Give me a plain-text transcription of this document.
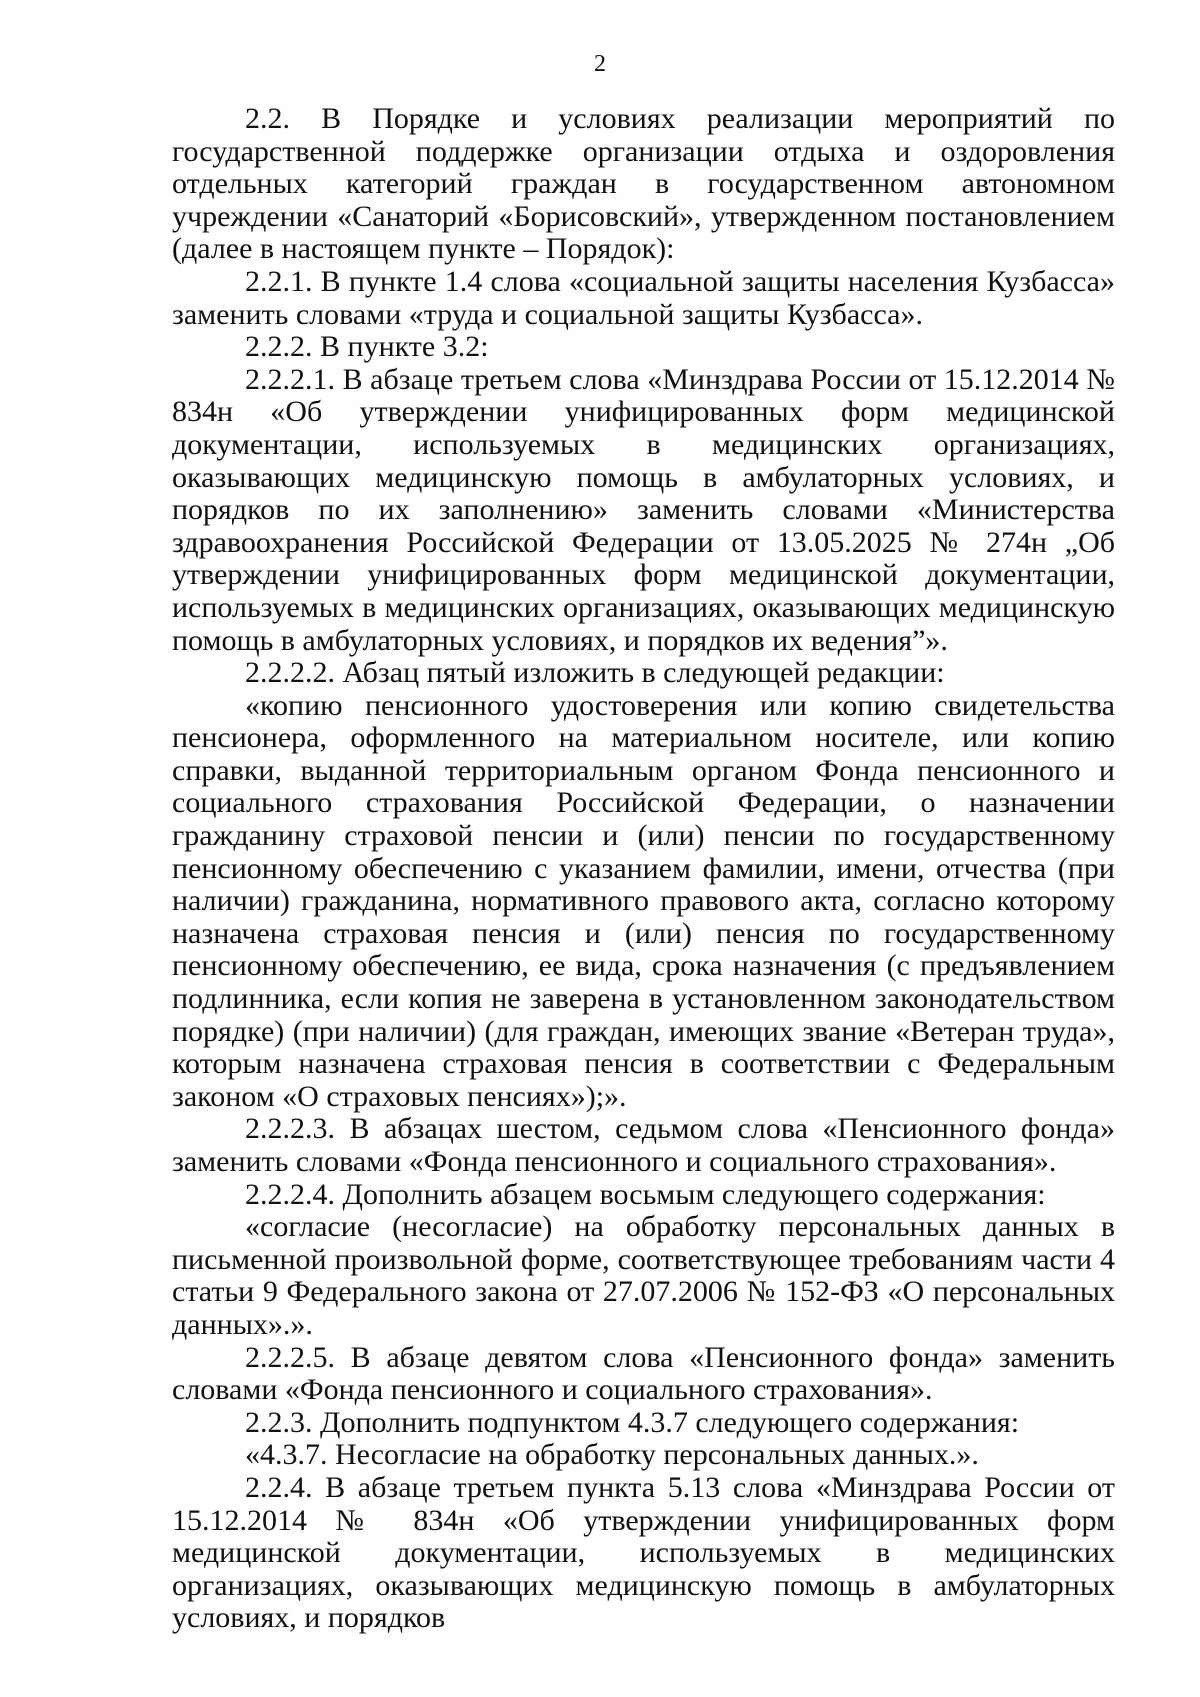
2

2.2. В Порядке и условиях реализации мероприятий по государственной поддержке организации отдыха и оздоровления отдельных категорий граждан в государственном автономном учреждении «Санаторий «Борисовский», утвержденном постановлением (далее в настоящем пункте – Порядок):

2.2.1. В пункте 1.4 слова «социальной защиты населения Кузбасса» заменить словами «труда и социальной защиты Кузбасса».

2.2.2. В пункте 3.2:

2.2.2.1. В абзаце третьем слова «Минздрава России от 15.12.2014 № 834н «Об утверждении унифицированных форм медицинской документации, используемых в медицинских организациях, оказывающих медицинскую помощь в амбулаторных условиях, и порядков по их заполнению» заменить словами «Министерства здравоохранения Российской Федерации от 13.05.2025 № 274н „Об утверждении унифицированных форм медицинской документации, используемых в медицинских организациях, оказывающих медицинскую помощь в амбулаторных условиях, и порядков их ведения”».

2.2.2.2. Абзац пятый изложить в следующей редакции:

«копию пенсионного удостоверения или копию свидетельства пенсионера, оформленного на материальном носителе, или копию справки, выданной территориальным органом Фонда пенсионного и социального страхования Российской Федерации, о назначении гражданину страховой пенсии и (или) пенсии по государственному пенсионному обеспечению с указанием фамилии, имени, отчества (при наличии) гражданина, нормативного правового акта, согласно которому назначена страховая пенсия и (или) пенсия по государственному пенсионному обеспечению, ее вида, срока назначения (с предъявлением подлинника, если копия не заверена в установленном законодательством порядке) (при наличии) (для граждан, имеющих звание «Ветеран труда», которым назначена страховая пенсия в соответствии с Федеральным законом «О страховых пенсиях»);».

2.2.2.3. В абзацах шестом, седьмом слова «Пенсионного фонда» заменить словами «Фонда пенсионного и социального страхования».

2.2.2.4. Дополнить абзацем восьмым следующего содержания:

«согласие (несогласие) на обработку персональных данных в письменной произвольной форме, соответствующее требованиям части 4 статьи 9 Федерального закона от 27.07.2006 № 152-ФЗ «О персональных данных».».

2.2.2.5. В абзаце девятом слова «Пенсионного фонда» заменить словами «Фонда пенсионного и социального страхования».

2.2.3. Дополнить подпунктом 4.3.7 следующего содержания:

«4.3.7. Несогласие на обработку персональных данных.».

2.2.4. В абзаце третьем пункта 5.13 слова «Минздрава России от 15.12.2014 № 834н «Об утверждении унифицированных форм медицинской документации, используемых в медицинских организациях, оказывающих медицинскую помощь в амбулаторных условиях, и порядков
